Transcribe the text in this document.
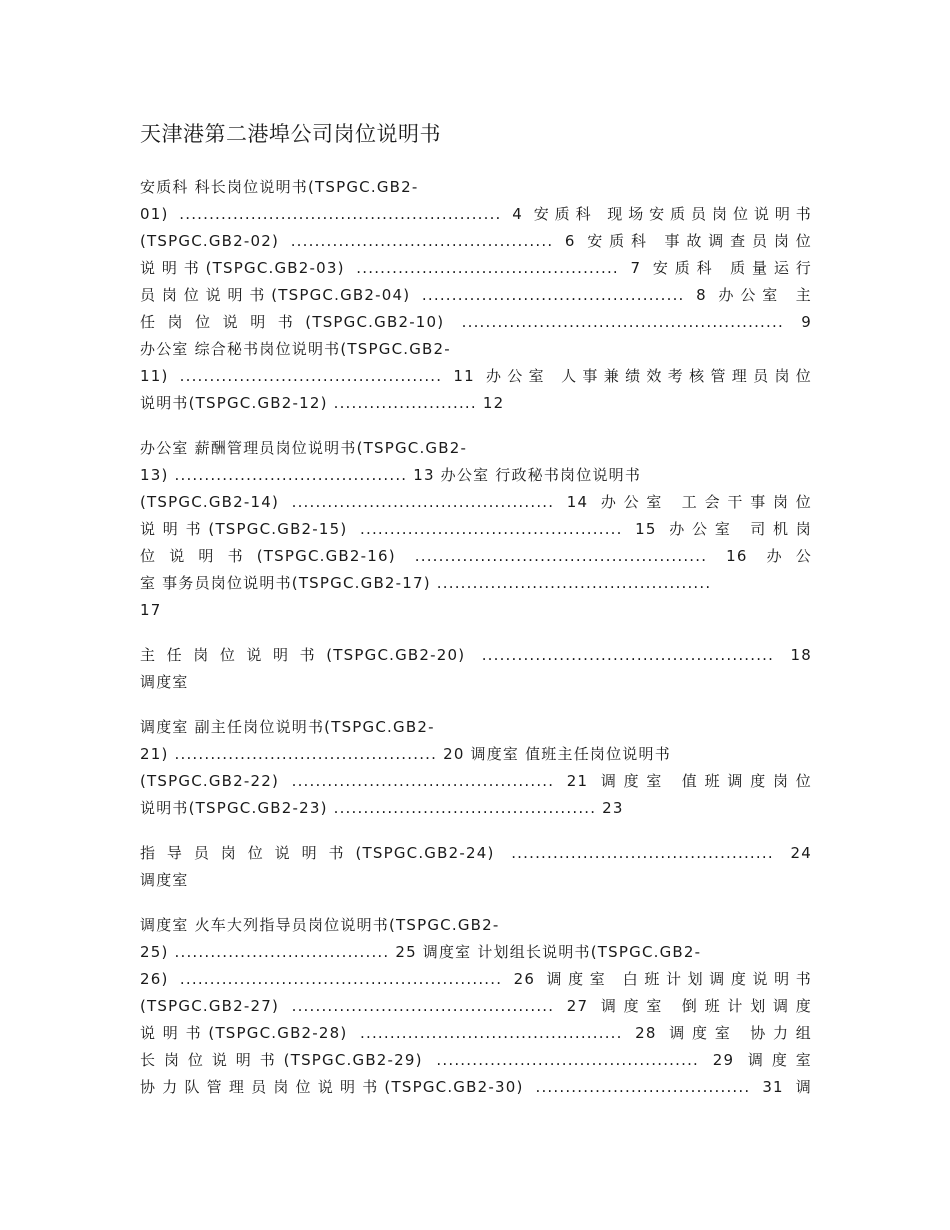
天津港第二港埠公司岗位说明书
安质科 科长岗位说明书(TSPGC.GB2-
01) ...................................................... 4 安质科 现场安质员岗位说明书
(TSPGC.GB2-02) ............................................ 6 安质科 事故调查员岗位
说明书(TSPGC.GB2-03) ............................................ 7 安质科 质量运行
员岗位说明书(TSPGC.GB2-04) ............................................ 8 办公室 主
任岗位说明书(TSPGC.GB2-10) ...................................................... 9
办公室 综合秘书岗位说明书(TSPGC.GB2-
11) ............................................ 11 办公室 人事兼绩效考核管理员岗位
说明书(TSPGC.GB2-12) ........................ 12
办公室 薪酬管理员岗位说明书(TSPGC.GB2-
13) ....................................... 13 办公室 行政秘书岗位说明书
(TSPGC.GB2-14) ............................................ 14 办公室 工会干事岗位
说明书(TSPGC.GB2-15) ............................................ 15 办公室 司机岗
位说明书(TSPGC.GB2-16) ................................................. 16 办公
室 事务员岗位说明书(TSPGC.GB2-17) ..............................................
17
主任岗位说明书(TSPGC.GB2-20) ................................................. 18
调度室
调度室 副主任岗位说明书(TSPGC.GB2-
21) ............................................ 20 调度室 值班主任岗位说明书
(TSPGC.GB2-22) ............................................ 21 调度室 值班调度岗位
说明书(TSPGC.GB2-23) ............................................ 23
指导员岗位说明书(TSPGC.GB2-24) ............................................ 24
调度室
调度室 火车大列指导员岗位说明书(TSPGC.GB2-
25) .................................... 25 调度室 计划组长说明书(TSPGC.GB2-
26) ...................................................... 26 调度室 白班计划调度说明书
(TSPGC.GB2-27) ............................................ 27 调度室 倒班计划调度
说明书(TSPGC.GB2-28) ............................................ 28 调度室 协力组
长岗位说明书(TSPGC.GB2-29) ............................................ 29 调度室
协力队管理员岗位说明书(TSPGC.GB2-30) .................................... 31 调
